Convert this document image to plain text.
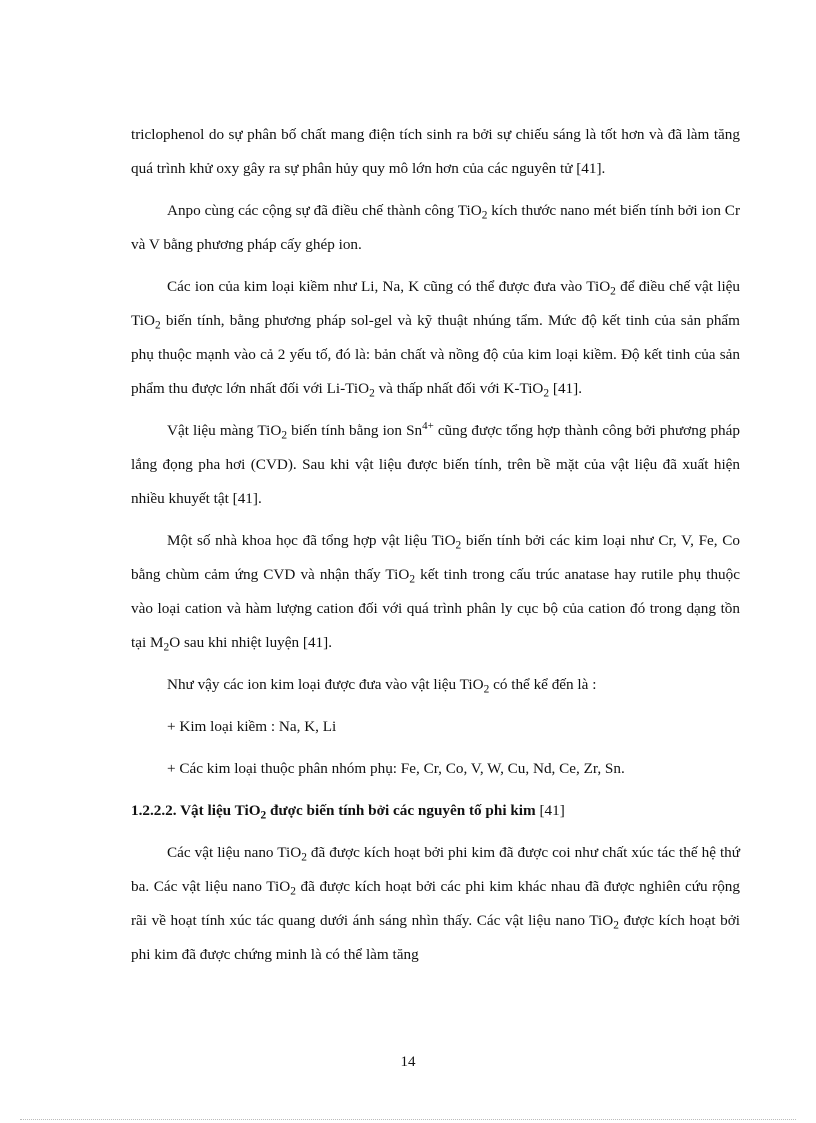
triclophenol do sự phân bố chất mang điện tích sinh ra bởi sự chiếu sáng là tốt hơn và đã làm tăng quá trình khử oxy gây ra sự phân hủy quy mô lớn hơn của các nguyên tử [41].

Anpo cùng các cộng sự đã điều chế thành công TiO$_2$ kích thước nano mét biến tính bởi ion Cr và V bằng phương pháp cấy ghép ion.

Các ion của kim loại kiềm như Li, Na, K cũng có thể được đưa vào TiO$_2$ để điều chế vật liệu TiO$_2$ biến tính, bằng phương pháp sol-gel và kỹ thuật nhúng tẩm. Mức độ kết tinh của sản phẩm phụ thuộc mạnh vào cả 2 yếu tố, đó là: bản chất và nồng độ của kim loại kiềm. Độ kết tinh của sản phẩm thu được lớn nhất đối với Li-TiO$_2$ và thấp nhất đối với K-TiO$_2$ [41].

Vật liệu màng TiO$_2$ biến tính bằng ion $Sn^{4+}$ cũng được tổng hợp thành công bởi phương pháp lắng đọng pha hơi (CVD). Sau khi vật liệu được biến tính, trên bề mặt của vật liệu đã xuất hiện nhiều khuyết tật [41].

Một số nhà khoa học đã tổng hợp vật liệu TiO$_2$ biến tính bởi các kim loại như Cr, V, Fe, Co bằng chùm cảm ứng CVD và nhận thấy TiO$_2$ kết tinh trong cấu trúc anatase hay rutile phụ thuộc vào loại cation và hàm lượng cation đối với quá trình phân ly cục bộ của cation đó trong dạng tồn tại $M_2O$ sau khi nhiệt luyện [41].

Như vậy các ion kim loại được đưa vào vật liệu TiO$_2$ có thể kể đến là :

+ Kim loại kiềm : Na, K, Li

+ Các kim loại thuộc phân nhóm phụ: Fe, Cr, Co, V, W, Cu, Nd, Ce, Zr, Sn.

1.2.2.2. Vật liệu TiO$_2$ được biến tính bởi các nguyên tố phi kim [41]

Các vật liệu nano TiO$_2$ đã được kích hoạt bởi phi kim đã được coi như chất xúc tác thế hệ thứ ba. Các vật liệu nano TiO$_2$ đã được kích hoạt bởi các phi kim khác nhau đã được nghiên cứu rộng rãi về hoạt tính xúc tác quang dưới ánh sáng nhìn thấy. Các vật liệu nano TiO$_2$ được kích hoạt bởi phi kim đã được chứng minh là có thể làm tăng

14
